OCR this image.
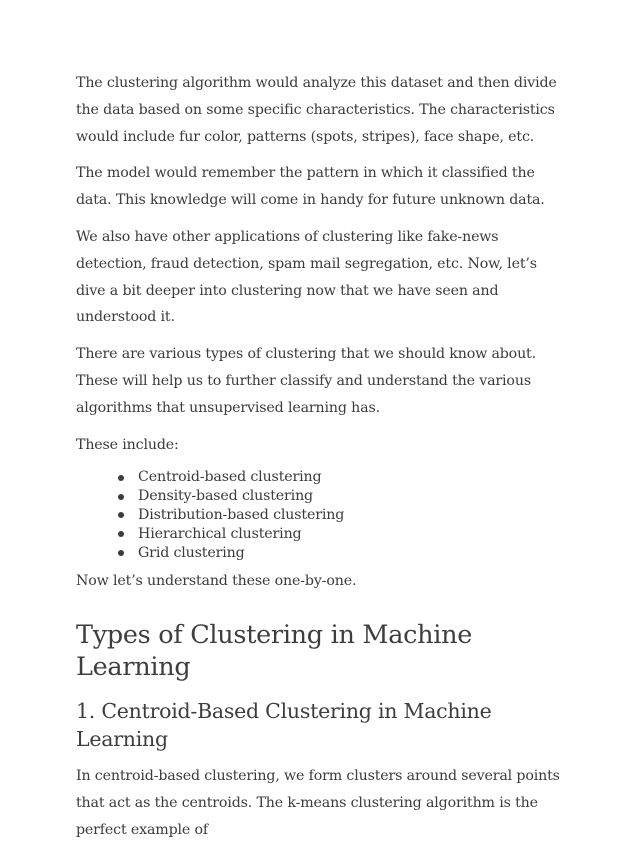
The clustering algorithm would analyze this dataset and then divide the data based on some specific characteristics. The characteristics would include fur color, patterns (spots, stripes), face shape, etc.

The model would remember the pattern in which it classified the data. This knowledge will come in handy for future unknown data.

We also have other applications of clustering like fake-news detection, fraud detection, spam mail segregation, etc. Now, let’s dive a bit deeper into clustering now that we have seen and understood it.

There are various types of clustering that we should know about. These will help us to further classify and understand the various algorithms that unsupervised learning has.

These include:

Centroid-based clustering
Density-based clustering
Distribution-based clustering
Hierarchical clustering
Grid clustering

Now let’s understand these one-by-one.

Types of Clustering in Machine Learning
1. Centroid-Based Clustering in Machine Learning

In centroid-based clustering, we form clusters around several points that act as the centroids. The k-means clustering algorithm is the perfect example of
